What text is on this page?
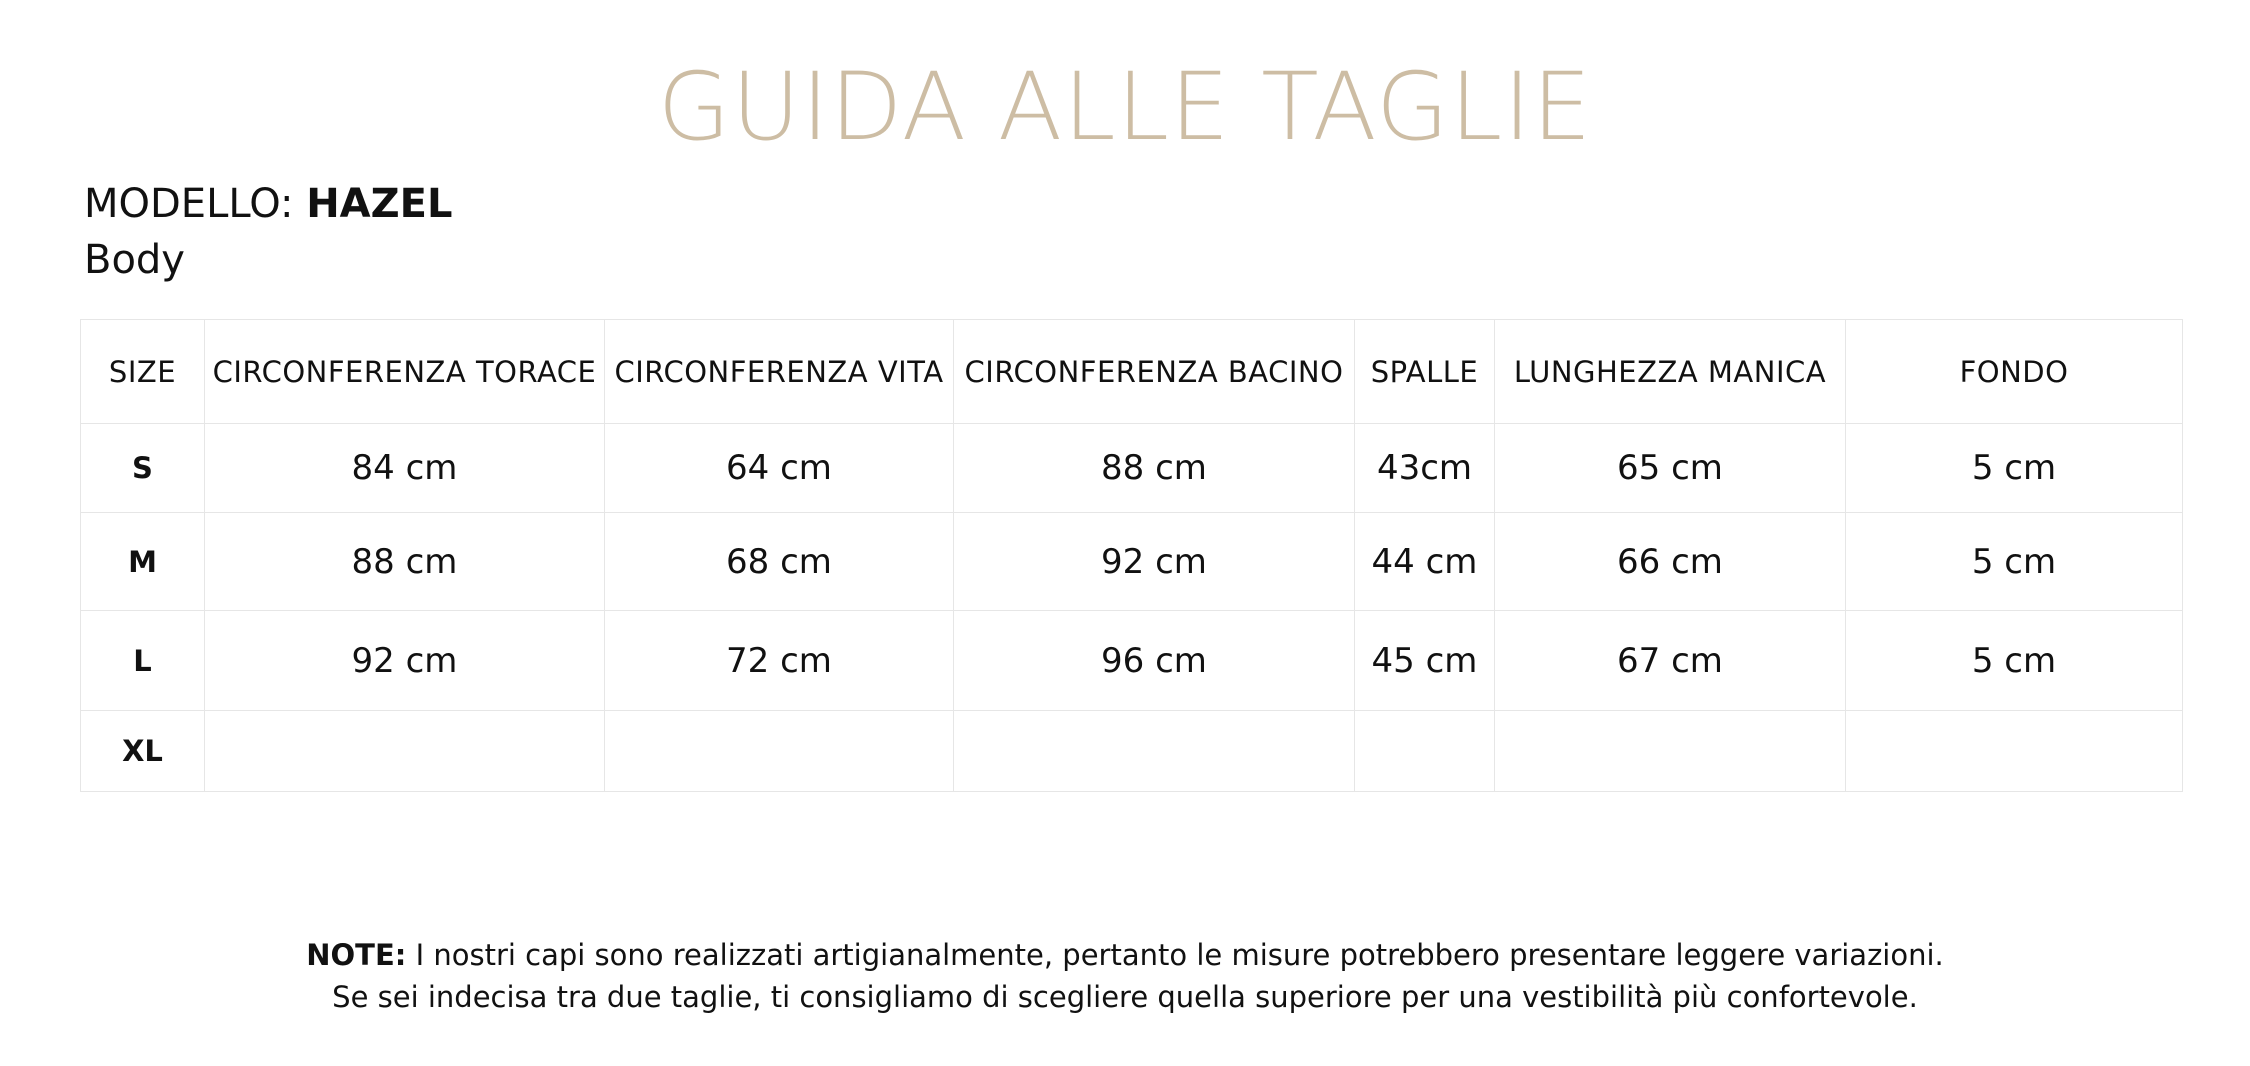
GUIDA ALLE TAGLIE
MODELLO: HAZEL
Body
SIZE	CIRCONFERENZA TORACE	CIRCONFERENZA VITA	CIRCONFERENZA BACINO	SPALLE	LUNGHEZZA MANICA	FONDO
S	84 cm	64 cm	88 cm	43cm	65 cm	5 cm
M	88 cm	68 cm	92 cm	44 cm	66 cm	5 cm
L	92 cm	72 cm	96 cm	45 cm	67 cm	5 cm
XL						
NOTE: I nostri capi sono realizzati artigianalmente, pertanto le misure potrebbero presentare leggere variazioni.
Se sei indecisa tra due taglie, ti consigliamo di scegliere quella superiore per una vestibilità più confortevole.
